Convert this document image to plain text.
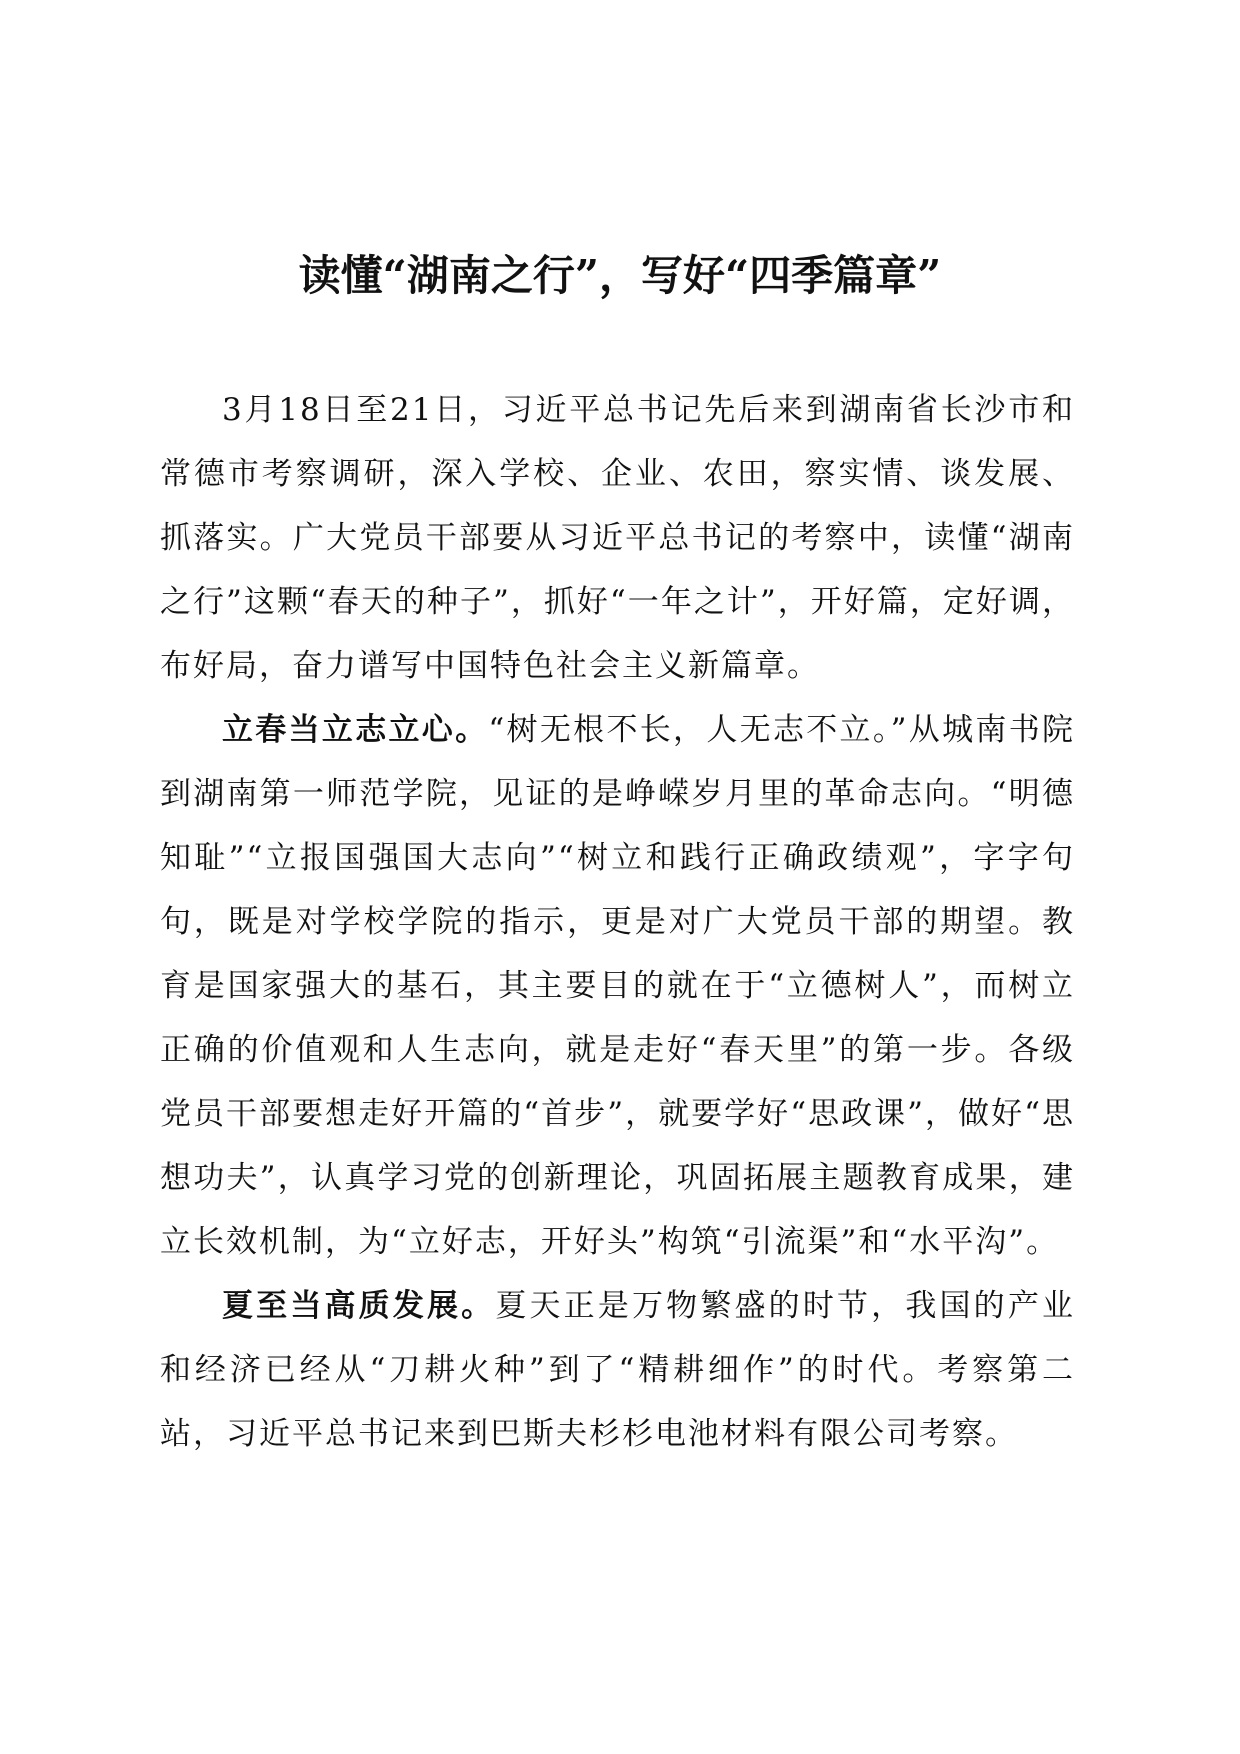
读懂“湖南之行”，写好“四季篇章”

3月18日至21日，习近平总书记先后来到湖南省长沙市和常德市考察调研，深入学校、企业、农田，察实情、谈发展、抓落实。广大党员干部要从习近平总书记的考察中，读懂“湖南之行”这颗“春天的种子”，抓好“一年之计”，开好篇，定好调，布好局，奋力谱写中国特色社会主义新篇章。

立春当立志立心。“树无根不长，人无志不立。”从城南书院到湖南第一师范学院，见证的是峥嵘岁月里的革命志向。“明德知耻”“立报国强国大志向”“树立和践行正确政绩观”，字字句句，既是对学校学院的指示，更是对广大党员干部的期望。教育是国家强大的基石，其主要目的就在于“立德树人”，而树立正确的价值观和人生志向，就是走好“春天里”的第一步。各级党员干部要想走好开篇的“首步”，就要学好“思政课”，做好“思想功夫”，认真学习党的创新理论，巩固拓展主题教育成果，建立长效机制，为“立好志，开好头”构筑“引流渠”和“水平沟”。

夏至当高质发展。夏天正是万物繁盛的时节，我国的产业和经济已经从“刀耕火种”到了“精耕细作”的时代。考察第二站，习近平总书记来到巴斯夫杉杉电池材料有限公司考察。
